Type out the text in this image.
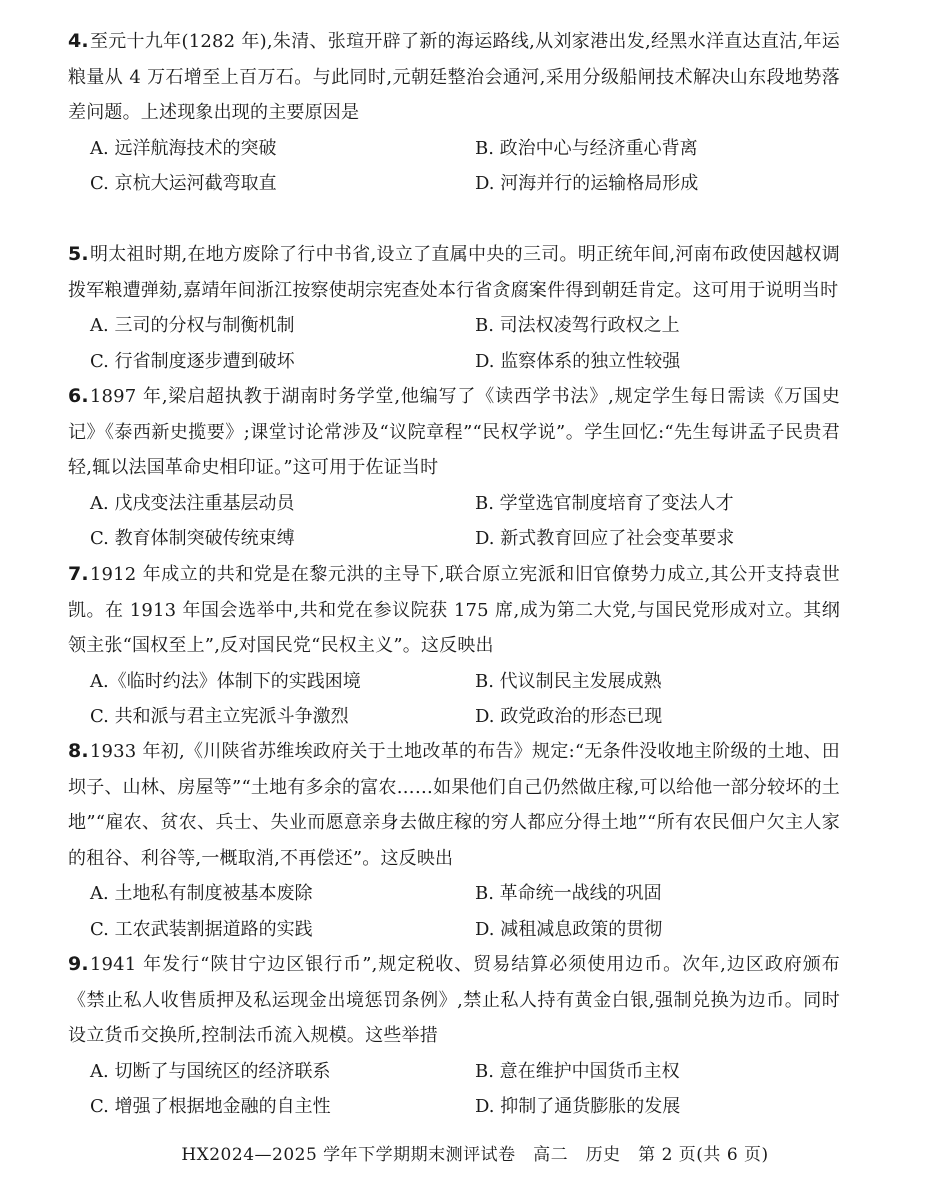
4.至元十九年(1282 年),朱清、张瑄开辟了新的海运路线,从刘家港出发,经黑水洋直达直沽,年运粮量从 4 万石增至上百万石。与此同时,元朝廷整治会通河,采用分级船闸技术解决山东段地势落差问题。上述现象出现的主要原因是

A. 远洋航海技术的突破	B. 政治中心与经济重心背离
C. 京杭大运河截弯取直	D. 河海并行的运输格局形成

5.明太祖时期,在地方废除了行中书省,设立了直属中央的三司。明正统年间,河南布政使因越权调拨军粮遭弹劾,嘉靖年间浙江按察使胡宗宪查处本行省贪腐案件得到朝廷肯定。这可用于说明当时

A. 三司的分权与制衡机制	B. 司法权凌驾行政权之上
C. 行省制度逐步遭到破坏	D. 监察体系的独立性较强

6.1897 年,梁启超执教于湖南时务学堂,他编写了《读西学书法》,规定学生每日需读《万国史记》《泰西新史揽要》;课堂讨论常涉及“议院章程”“民权学说”。学生回忆:“先生每讲孟子民贵君轻,辄以法国革命史相印证。”这可用于佐证当时

A. 戊戌变法注重基层动员	B. 学堂选官制度培育了变法人才
C. 教育体制突破传统束缚	D. 新式教育回应了社会变革要求

7.1912 年成立的共和党是在黎元洪的主导下,联合原立宪派和旧官僚势力成立,其公开支持袁世凯。在 1913 年国会选举中,共和党在参议院获 175 席,成为第二大党,与国民党形成对立。其纲领主张“国权至上”,反对国民党“民权主义”。这反映出

A.《临时约法》体制下的实践困境	B. 代议制民主发展成熟
C. 共和派与君主立宪派斗争激烈	D. 政党政治的形态已现

8.1933 年初,《川陕省苏维埃政府关于土地改革的布告》规定:“无条件没收地主阶级的土地、田坝子、山林、房屋等”“土地有多余的富农……如果他们自己仍然做庄稼,可以给他一部分较坏的土地”“雇农、贫农、兵士、失业而愿意亲身去做庄稼的穷人都应分得土地”“所有农民佃户欠主人家的租谷、利谷等,一概取消,不再偿还”。这反映出

A. 土地私有制度被基本废除	B. 革命统一战线的巩固
C. 工农武装割据道路的实践	D. 减租减息政策的贯彻

9.1941 年发行“陕甘宁边区银行币”,规定税收、贸易结算必须使用边币。次年,边区政府颁布《禁止私人收售质押及私运现金出境惩罚条例》,禁止私人持有黄金白银,强制兑换为边币。同时设立货币交换所,控制法币流入规模。这些举措

A. 切断了与国统区的经济联系	B. 意在维护中国货币主权
C. 增强了根据地金融的自主性	D. 抑制了通货膨胀的发展
HX2024—2025 学年下学期期末测评试卷　高二　历史　第 2 页(共 6 页)
